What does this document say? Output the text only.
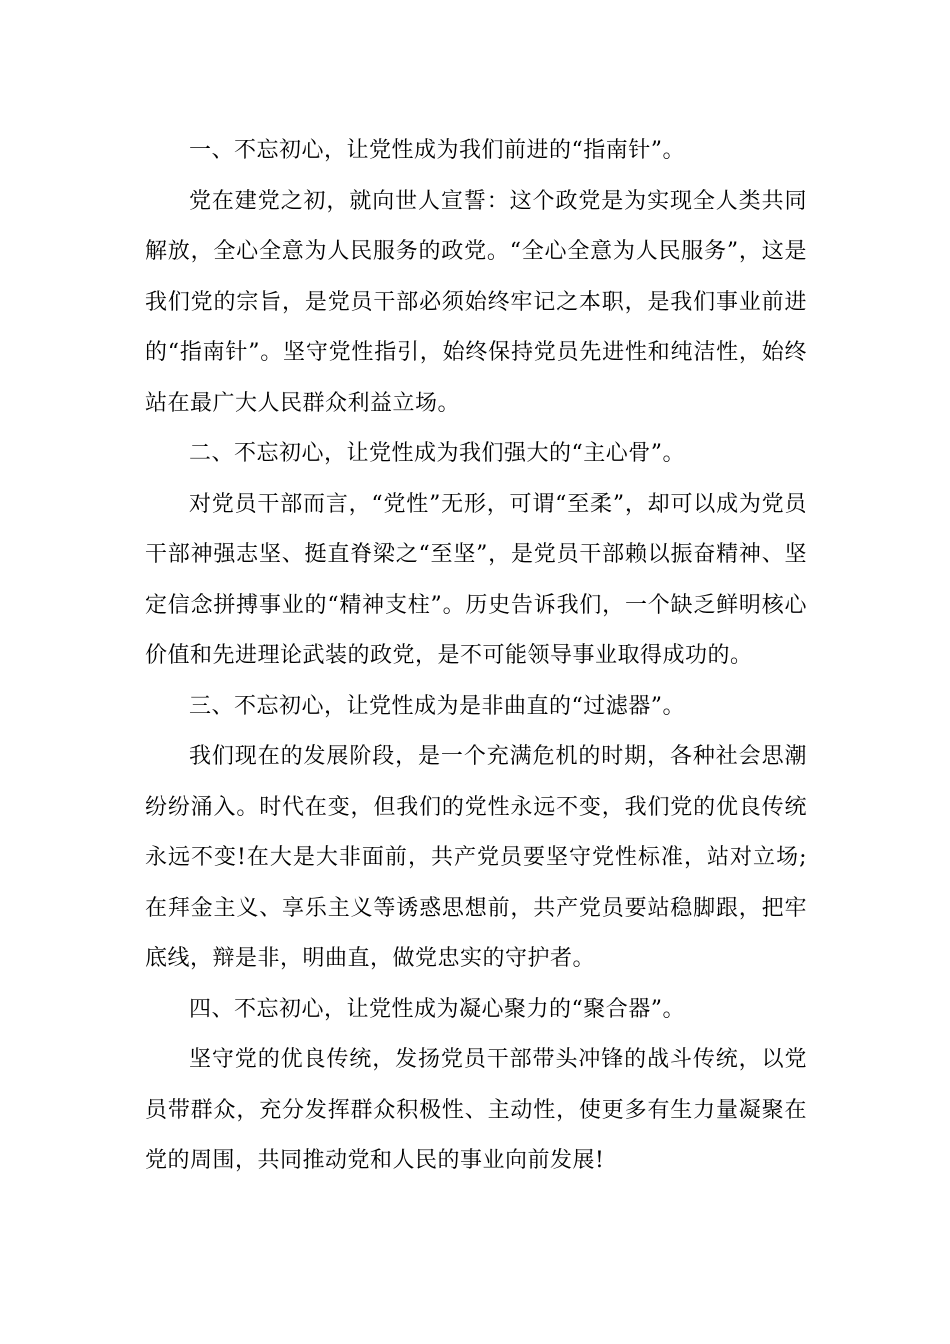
一、不忘初心，让党性成为我们前进的“指南针”。

党在建党之初，就向世人宣誓：这个政党是为实现全人类共同解放，全心全意为人民服务的政党。“全心全意为人民服务”，这是我们党的宗旨，是党员干部必须始终牢记之本职，是我们事业前进的“指南针”。坚守党性指引，始终保持党员先进性和纯洁性，始终站在最广大人民群众利益立场。

二、不忘初心，让党性成为我们强大的“主心骨”。

对党员干部而言，“党性”无形，可谓“至柔”，却可以成为党员干部神强志坚、挺直脊梁之“至坚”，是党员干部赖以振奋精神、坚定信念拼搏事业的“精神支柱”。历史告诉我们，一个缺乏鲜明核心价值和先进理论武装的政党，是不可能领导事业取得成功的。

三、不忘初心，让党性成为是非曲直的“过滤器”。

我们现在的发展阶段，是一个充满危机的时期，各种社会思潮纷纷涌入。时代在变，但我们的党性永远不变，我们党的优良传统永远不变!在大是大非面前，共产党员要坚守党性标准，站对立场;在拜金主义、享乐主义等诱惑思想前，共产党员要站稳脚跟，把牢底线，辩是非，明曲直，做党忠实的守护者。

四、不忘初心，让党性成为凝心聚力的“聚合器”。

坚守党的优良传统，发扬党员干部带头冲锋的战斗传统，以党员带群众，充分发挥群众积极性、主动性，使更多有生力量凝聚在党的周围，共同推动党和人民的事业向前发展!
